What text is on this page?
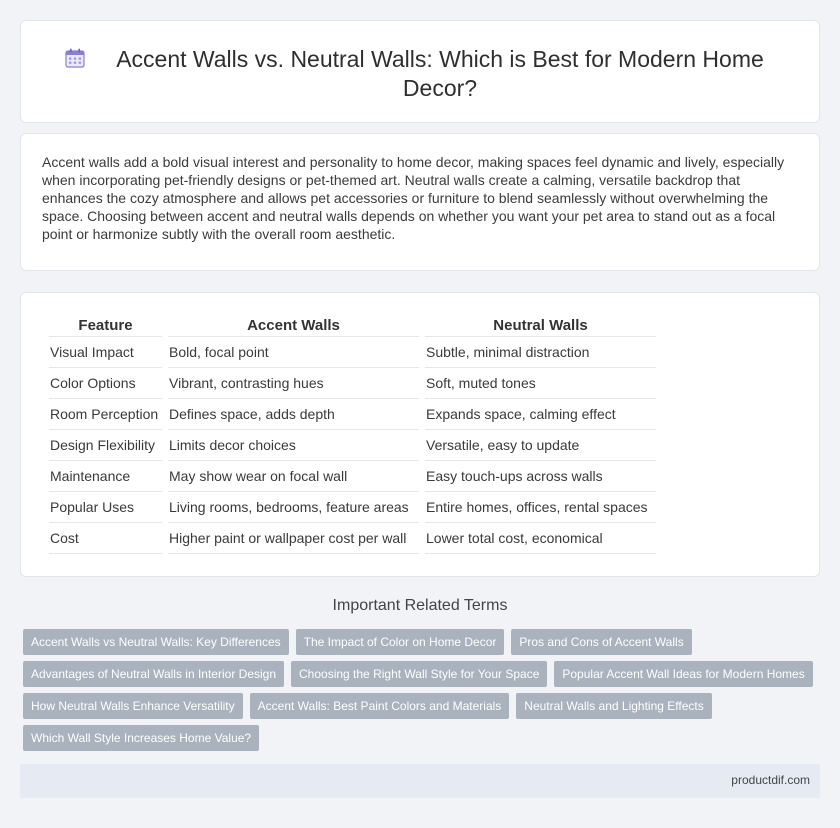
Accent Walls vs. Neutral Walls: Which is Best for Modern Home Decor?

Accent walls add a bold visual interest and personality to home decor, making spaces feel dynamic and lively, especially when incorporating pet-friendly designs or pet-themed art. Neutral walls create a calming, versatile backdrop that enhances the cozy atmosphere and allows pet accessories or furniture to blend seamlessly without overwhelming the space. Choosing between accent and neutral walls depends on whether you want your pet area to stand out as a focal point or harmonize subtly with the overall room aesthetic.

Feature	Accent Walls	Neutral Walls
Visual Impact	Bold, focal point	Subtle, minimal distraction
Color Options	Vibrant, contrasting hues	Soft, muted tones
Room Perception	Defines space, adds depth	Expands space, calming effect
Design Flexibility	Limits decor choices	Versatile, easy to update
Maintenance	May show wear on focal wall	Easy touch-ups across walls
Popular Uses	Living rooms, bedrooms, feature areas	Entire homes, offices, rental spaces
Cost	Higher paint or wallpaper cost per wall	Lower total cost, economical
Important Related Terms
Accent Walls vs Neutral Walls: Key Differences	The Impact of Color on Home Decor	Pros and Cons of Accent Walls
Advantages of Neutral Walls in Interior Design	Choosing the Right Wall Style for Your Space	Popular Accent Wall Ideas for Modern Homes
How Neutral Walls Enhance Versatility	Accent Walls: Best Paint Colors and Materials	Neutral Walls and Lighting Effects
Which Wall Style Increases Home Value?
productdif.com
